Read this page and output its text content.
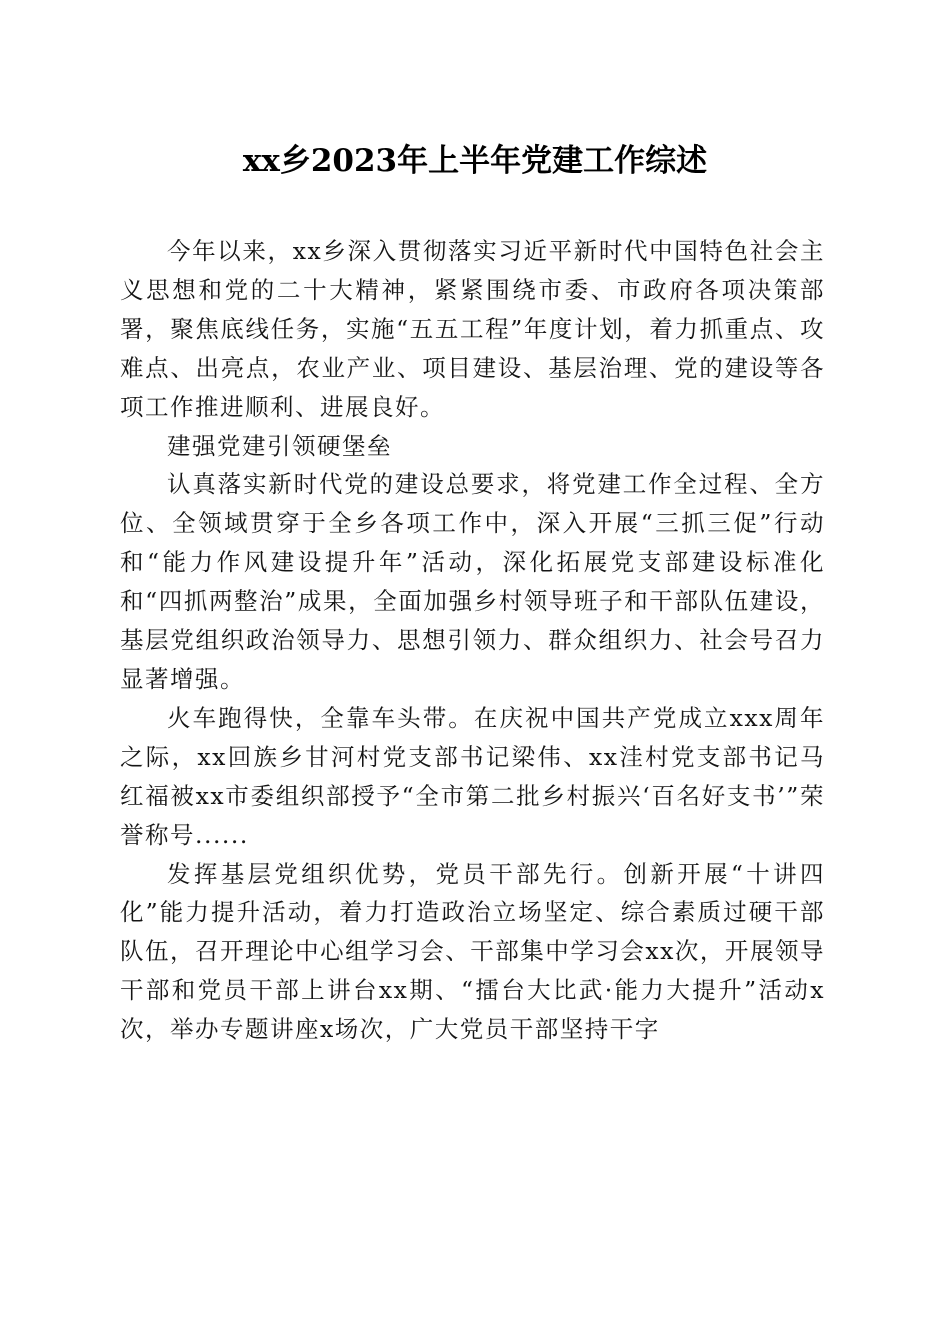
xx乡2023年上半年党建工作综述

今年以来，xx乡深入贯彻落实习近平新时代中国特色社会主义思想和党的二十大精神，紧紧围绕市委、市政府各项决策部署，聚焦底线任务，实施“五五工程”年度计划，着力抓重点、攻难点、出亮点，农业产业、项目建设、基层治理、党的建设等各项工作推进顺利、进展良好。

建强党建引领硬堡垒

认真落实新时代党的建设总要求，将党建工作全过程、全方位、全领域贯穿于全乡各项工作中，深入开展“三抓三促”行动和“能力作风建设提升年”活动，深化拓展党支部建设标准化和“四抓两整治”成果，全面加强乡村领导班子和干部队伍建设，基层党组织政治领导力、思想引领力、群众组织力、社会号召力显著增强。

火车跑得快，全靠车头带。在庆祝中国共产党成立xxx周年之际，xx回族乡甘河村党支部书记梁伟、xx洼村党支部书记马红福被xx市委组织部授予“全市第二批乡村振兴‘百名好支书’”荣誉称号......

发挥基层党组织优势，党员干部先行。创新开展“十讲四化”能力提升活动，着力打造政治立场坚定、综合素质过硬干部队伍，召开理论中心组学习会、干部集中学习会xx次，开展领导干部和党员干部上讲台xx期、“擂台大比武·能力大提升”活动x次，举办专题讲座x场次，广大党员干部坚持干字
